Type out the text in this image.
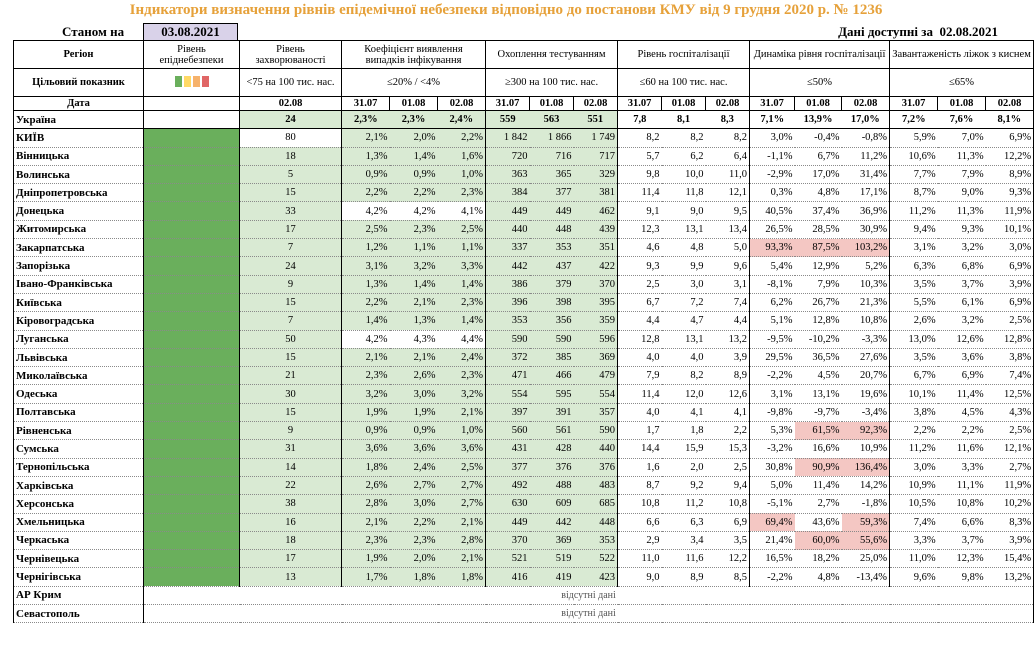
Індикатори визначення рівнів епідемічної небезпеки відповідно до постанови КМУ від 9 грудня 2020 р. № 1236
Станом на	03.08.2021	Дані доступні за 02.08.2021
Регіон	Рівень епіднебезпеки	Рівень захворюваності	Коефіцієнт виявлення випадків інфікування			Охоплення тестуванням			Рівень госпіталізації			Динаміка рівня госпіталізації			Завантаженість ліжок з киснем		
Цільовий показник		<75 на 100 тис. нас.	≤20% / <4%			≥300 на 100 тис. нас.			≤60 на 100 тис. нас.			≤50%			≤65%		
Дата		02.08	31.07	01.08	02.08	31.07	01.08	02.08	31.07	01.08	02.08	31.07	01.08	02.08	31.07	01.08	02.08
Україна		24	2,3%	2,3%	2,4%	559	563	551	7,8	8,1	8,3	7,1%	13,9%	17,0%	7,2%	7,6%	8,1%
КИЇВ		80	2,1%	2,0%	2,2%	1 842	1 866	1 749	8,2	8,2	8,2	3,0%	-0,4%	-0,8%	5,9%	7,0%	6,9%
Вінницька		18	1,3%	1,4%	1,6%	720	716	717	5,7	6,2	6,4	-1,1%	6,7%	11,2%	10,6%	11,3%	12,2%
Волинська		5	0,9%	0,9%	1,0%	363	365	329	9,8	10,0	11,0	-2,9%	17,0%	31,4%	7,7%	7,9%	8,9%
Дніпропетровська		15	2,2%	2,2%	2,3%	384	377	381	11,4	11,8	12,1	0,3%	4,8%	17,1%	8,7%	9,0%	9,3%
Донецька		33	4,2%	4,2%	4,1%	449	449	462	9,1	9,0	9,5	40,5%	37,4%	36,9%	11,2%	11,3%	11,9%
Житомирська		17	2,5%	2,3%	2,5%	440	448	439	12,3	13,1	13,4	26,5%	28,5%	30,9%	9,4%	9,3%	10,1%
Закарпатська		7	1,2%	1,1%	1,1%	337	353	351	4,6	4,8	5,0	93,3%	87,5%	103,2%	3,1%	3,2%	3,0%
Запорізька		24	3,1%	3,2%	3,3%	442	437	422	9,3	9,9	9,6	5,4%	12,9%	5,2%	6,3%	6,8%	6,9%
Івано-Франківська		9	1,3%	1,4%	1,4%	386	379	370	2,5	3,0	3,1	-8,1%	7,9%	10,3%	3,5%	3,7%	3,9%
Київська		15	2,2%	2,1%	2,3%	396	398	395	6,7	7,2	7,4	6,2%	26,7%	21,3%	5,5%	6,1%	6,9%
Кіровоградська		7	1,4%	1,3%	1,4%	353	356	359	4,4	4,7	4,4	5,1%	12,8%	10,8%	2,6%	3,2%	2,5%
Луганська		50	4,2%	4,3%	4,4%	590	590	596	12,8	13,1	13,2	-9,5%	-10,2%	-3,3%	13,0%	12,6%	12,8%
Львівська		15	2,1%	2,1%	2,4%	372	385	369	4,0	4,0	3,9	29,5%	36,5%	27,6%	3,5%	3,6%	3,8%
Миколаївська		21	2,3%	2,6%	2,3%	471	466	479	7,9	8,2	8,9	-2,2%	4,5%	20,7%	6,7%	6,9%	7,4%
Одеська		30	3,2%	3,0%	3,2%	554	595	554	11,4	12,0	12,6	3,1%	13,1%	19,6%	10,1%	11,4%	12,5%
Полтавська		15	1,9%	1,9%	2,1%	397	391	357	4,0	4,1	4,1	-9,8%	-9,7%	-3,4%	3,8%	4,5%	4,3%
Рівненська		9	0,9%	0,9%	1,0%	560	561	590	1,7	1,8	2,2	5,3%	61,5%	92,3%	2,2%	2,2%	2,5%
Сумська		31	3,6%	3,6%	3,6%	431	428	440	14,4	15,9	15,3	-3,2%	16,6%	10,9%	11,2%	11,6%	12,1%
Тернопільська		14	1,8%	2,4%	2,5%	377	376	376	1,6	2,0	2,5	30,8%	90,9%	136,4%	3,0%	3,3%	2,7%
Харківська		22	2,6%	2,7%	2,7%	492	488	483	8,7	9,2	9,4	5,0%	11,4%	14,2%	10,9%	11,1%	11,9%
Херсонська		38	2,8%	3,0%	2,7%	630	609	685	10,8	11,2	10,8	-5,1%	2,7%	-1,8%	10,5%	10,8%	10,2%
Хмельницька		16	2,1%	2,2%	2,1%	449	442	448	6,6	6,3	6,9	69,4%	43,6%	59,3%	7,4%	6,6%	8,3%
Черкаська		18	2,3%	2,3%	2,8%	370	369	353	2,9	3,4	3,5	21,4%	60,0%	55,6%	3,3%	3,7%	3,9%
Чернівецька		17	1,9%	2,0%	2,1%	521	519	522	11,0	11,6	12,2	16,5%	18,2%	25,0%	11,0%	12,3%	15,4%
Чернігівська		13	1,7%	1,8%	1,8%	416	419	423	9,0	8,9	8,5	-2,2%	4,8%	-13,4%	9,6%	9,8%	13,2%
АР Крим	відсутні дані																
Севастополь	відсутні дані																
